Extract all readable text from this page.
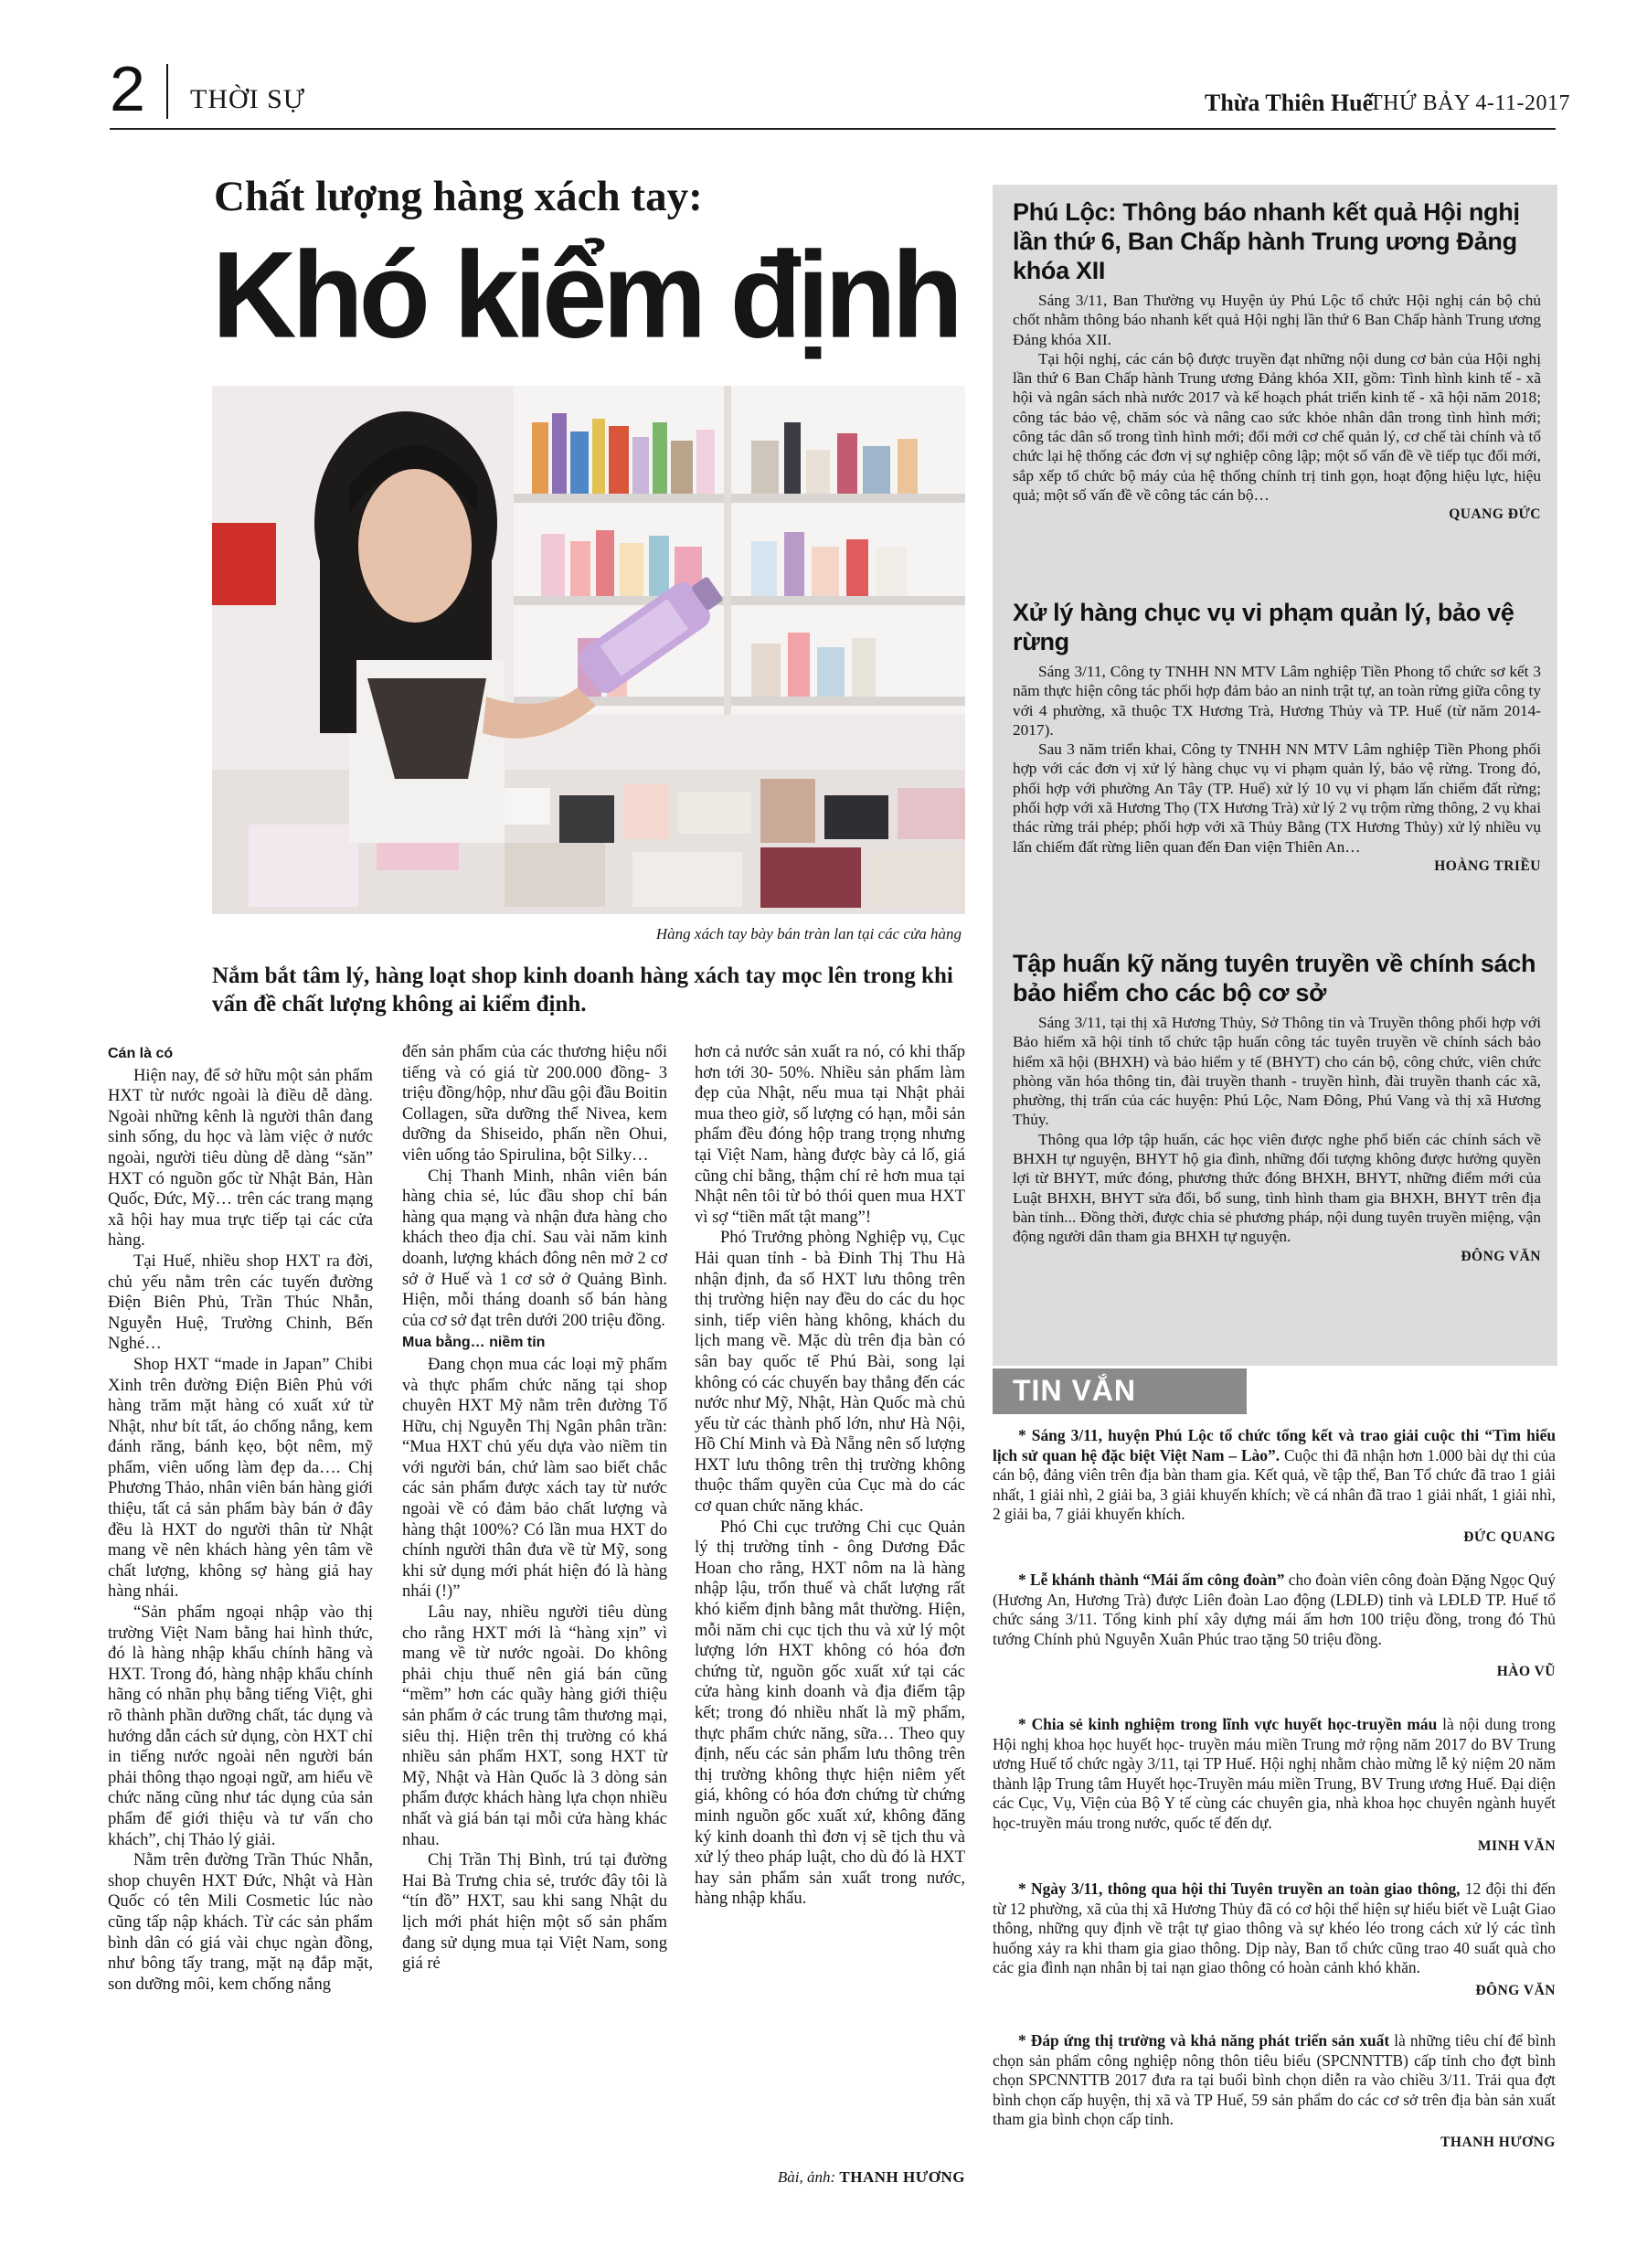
2 THỜI SỰ	Thừa Thiên Huế
THỨ BẢY 4-11-2017
Chất lượng hàng xách tay:
Khó kiểm định
Hàng xách tay bày bán tràn lan tại các cửa hàng
Nắm bắt tâm lý, hàng loạt shop kinh doanh hàng xách tay mọc lên trong khi vấn đề chất lượng không ai kiểm định.

Cán là có

Hiện nay, để sở hữu một sản phẩm HXT từ nước ngoài là điều dễ dàng. Ngoài những kênh là người thân đang sinh sống, du học và làm việc ở nước ngoài, người tiêu dùng dễ dàng “săn” HXT có nguồn gốc từ Nhật Bản, Hàn Quốc, Đức, Mỹ… trên các trang mạng xã hội hay mua trực tiếp tại các cửa hàng.

Tại Huế, nhiều shop HXT ra đời, chủ yếu nằm trên các tuyến đường Điện Biên Phủ, Trần Thúc Nhẫn, Nguyễn Huệ, Trường Chinh, Bến Nghé…

Shop HXT “made in Japan” Chibi Xinh trên đường Điện Biên Phủ với hàng trăm mặt hàng có xuất xứ từ Nhật, như bít tất, áo chống nắng, kem đánh răng, bánh kẹo, bột nêm, mỹ phẩm, viên uống làm đẹp da…. Chị Phương Thảo, nhân viên bán hàng giới thiệu, tất cả sản phẩm bày bán ở đây đều là HXT do người thân từ Nhật mang về nên khách hàng yên tâm về chất lượng, không sợ hàng giả hay hàng nhái.

“Sản phẩm ngoại nhập vào thị trường Việt Nam bằng hai hình thức, đó là hàng nhập khẩu chính hãng và HXT. Trong đó, hàng nhập khẩu chính hãng có nhãn phụ bằng tiếng Việt, ghi rõ thành phần dưỡng chất, tác dụng và hướng dẫn cách sử dụng, còn HXT chỉ in tiếng nước ngoài nên người bán phải thông thạo ngoại ngữ, am hiểu về chức năng cũng như tác dụng của sản phẩm để giới thiệu và tư vấn cho khách”, chị Thảo lý giải.

Nằm trên đường Trần Thúc Nhẫn, shop chuyên HXT Đức, Nhật và Hàn Quốc có tên Mili Cosmetic lúc nào cũng tấp nập khách. Từ các sản phẩm bình dân có giá vài chục ngàn đồng, như bông tẩy trang, mặt nạ đắp mặt, son dưỡng môi, kem chống nắng

đến sản phẩm của các thương hiệu nổi tiếng và có giá từ 200.000 đồng- 3 triệu đồng/hộp, như dầu gội đầu Boitin Collagen, sữa dưỡng thể Nivea, kem dưỡng da Shiseido, phấn nền Ohui, viên uống tảo Spirulina, bột Silky…

Chị Thanh Minh, nhân viên bán hàng chia sẻ, lúc đầu shop chỉ bán hàng qua mạng và nhận đưa hàng cho khách theo địa chỉ. Sau vài năm kinh doanh, lượng khách đông nên mở 2 cơ sở ở Huế và 1 cơ sở ở Quảng Bình. Hiện, mỗi tháng doanh số bán hàng của cơ sở đạt trên dưới 200 triệu đồng.

Mua bằng… niềm tin

Đang chọn mua các loại mỹ phẩm và thực phẩm chức năng tại shop chuyên HXT Mỹ nằm trên đường Tố Hữu, chị Nguyễn Thị Ngân phân trần: “Mua HXT chủ yếu dựa vào niềm tin với người bán, chứ làm sao biết chắc các sản phẩm được xách tay từ nước ngoài về có đảm bảo chất lượng và hàng thật 100%? Có lần mua HXT do chính người thân đưa về từ Mỹ, song khi sử dụng mới phát hiện đó là hàng nhái (!)”

Lâu nay, nhiều người tiêu dùng cho rằng HXT mới là “hàng xịn” vì mang về từ nước ngoài. Do không phải chịu thuế nên giá bán cũng “mềm” hơn các quầy hàng giới thiệu sản phẩm ở các trung tâm thương mại, siêu thị. Hiện trên thị trường có khá nhiều sản phẩm HXT, song HXT từ Mỹ, Nhật và Hàn Quốc là 3 dòng sản phẩm được khách hàng lựa chọn nhiều nhất và giá bán tại mỗi cửa hàng khác nhau.

Chị Trần Thị Bình, trú tại đường Hai Bà Trưng chia sẻ, trước đây tôi là “tín đồ” HXT, sau khi sang Nhật du lịch mới phát hiện một số sản phẩm đang sử dụng mua tại Việt Nam, song giá rẻ

hơn cả nước sản xuất ra nó, có khi thấp hơn tới 30- 50%. Nhiều sản phẩm làm đẹp của Nhật, nếu mua tại Nhật phải mua theo giờ, số lượng có hạn, mỗi sản phẩm đều đóng hộp trang trọng nhưng tại Việt Nam, hàng được bày cả lố, giá cũng chỉ bằng, thậm chí rẻ hơn mua tại Nhật nên tôi từ bỏ thói quen mua HXT vì sợ “tiền mất tật mang”!

Phó Trưởng phòng Nghiệp vụ, Cục Hải quan tỉnh - bà Đinh Thị Thu Hà nhận định, đa số HXT lưu thông trên thị trường hiện nay đều do các du học sinh, tiếp viên hàng không, khách du lịch mang về. Mặc dù trên địa bàn có sân bay quốc tế Phú Bài, song lại không có các chuyến bay thẳng đến các nước như Mỹ, Nhật, Hàn Quốc mà chủ yếu từ các thành phố lớn, như Hà Nội, Hồ Chí Minh và Đà Nẵng nên số lượng HXT lưu thông trên thị trường không thuộc thẩm quyền của Cục mà do các cơ quan chức năng khác.

Phó Chi cục trưởng Chi cục Quản lý thị trường tỉnh - ông Dương Đắc Hoan cho rằng, HXT nôm na là hàng nhập lậu, trốn thuế và chất lượng rất khó kiểm định bằng mắt thường. Hiện, mỗi năm chi cục tịch thu và xử lý một lượng lớn HXT không có hóa đơn chứng từ, nguồn gốc xuất xứ tại các cửa hàng kinh doanh và địa điểm tập kết; trong đó nhiều nhất là mỹ phẩm, thực phẩm chức năng, sữa… Theo quy định, nếu các sản phẩm lưu thông trên thị trường không thực hiện niêm yết giá, không có hóa đơn chứng từ chứng minh nguồn gốc xuất xứ, không đăng ký kinh doanh thì đơn vị sẽ tịch thu và xử lý theo pháp luật, cho dù đó là HXT hay sản phẩm sản xuất trong nước, hàng nhập khẩu.

Bài, ảnh: THANH HƯƠNG
Phú Lộc: Thông báo nhanh kết quả Hội nghị lần thứ 6, Ban Chấp hành Trung ương Đảng khóa XII

Sáng 3/11, Ban Thường vụ Huyện ủy Phú Lộc tổ chức Hội nghị cán bộ chủ chốt nhằm thông báo nhanh kết quả Hội nghị lần thứ 6 Ban Chấp hành Trung ương Đảng khóa XII.

Tại hội nghị, các cán bộ được truyền đạt những nội dung cơ bản của Hội nghị lần thứ 6 Ban Chấp hành Trung ương Đảng khóa XII, gồm: Tình hình kinh tế - xã hội và ngân sách nhà nước 2017 và kế hoạch phát triển kinh tế - xã hội năm 2018; công tác bảo vệ, chăm sóc và nâng cao sức khỏe nhân dân trong tình hình mới; công tác dân số trong tình hình mới; đổi mới cơ chế quản lý, cơ chế tài chính và tổ chức lại hệ thống các đơn vị sự nghiệp công lập; một số vấn đề về tiếp tục đổi mới, sắp xếp tổ chức bộ máy của hệ thống chính trị tinh gọn, hoạt động hiệu lực, hiệu quả; một số vấn đề về công tác cán bộ…

QUANG ĐỨC
Xử lý hàng chục vụ vi phạm quản lý, bảo vệ rừng

Sáng 3/11, Công ty TNHH NN MTV Lâm nghiệp Tiền Phong tổ chức sơ kết 3 năm thực hiện công tác phối hợp đảm bảo an ninh trật tự, an toàn rừng giữa công ty với 4 phường, xã thuộc TX Hương Trà, Hương Thủy và TP. Huế (từ năm 2014-2017).

Sau 3 năm triển khai, Công ty TNHH NN MTV Lâm nghiệp Tiền Phong phối hợp với các đơn vị xử lý hàng chục vụ vi phạm quản lý, bảo vệ rừng. Trong đó, phối hợp với phường An Tây (TP. Huế) xử lý 10 vụ vi phạm lấn chiếm đất rừng; phối hợp với xã Hương Thọ (TX Hương Trà) xử lý 2 vụ trộm rừng thông, 2 vụ khai thác rừng trái phép; phối hợp với xã Thủy Bằng (TX Hương Thủy) xử lý nhiều vụ lấn chiếm đất rừng liên quan đến Đan viện Thiên An…

HOÀNG TRIỀU
Tập huấn kỹ năng tuyên truyền về chính sách bảo hiểm cho các bộ cơ sở

Sáng 3/11, tại thị xã Hương Thủy, Sở Thông tin và Truyền thông phối hợp với Bảo hiểm xã hội tỉnh tổ chức tập huấn công tác tuyên truyền về chính sách bảo hiểm xã hội (BHXH) và bảo hiểm y tế (BHYT) cho cán bộ, công chức, viên chức phòng văn hóa thông tin, đài truyền thanh - truyền hình, đài truyền thanh các xã, phường, thị trấn của các huyện: Phú Lộc, Nam Đông, Phú Vang và thị xã Hương Thủy.

Thông qua lớp tập huấn, các học viên được nghe phổ biến các chính sách về BHXH tự nguyện, BHYT hộ gia đình, những đối tượng không được hưởng quyền lợi từ BHYT, mức đóng, phương thức đóng BHXH, BHYT, những điểm mới của Luật BHXH, BHYT sửa đổi, bổ sung, tình hình tham gia BHXH, BHYT trên địa bàn tỉnh... Đồng thời, được chia sẻ phương pháp, nội dung tuyên truyền miệng, vận động người dân tham gia BHXH tự nguyện.

ĐÔNG VĂN
TIN VẮN

* Sáng 3/11, huyện Phú Lộc tổ chức tổng kết và trao giải cuộc thi “Tìm hiểu lịch sử quan hệ đặc biệt Việt Nam – Lào”. Cuộc thi đã nhận hơn 1.000 bài dự thi của cán bộ, đảng viên trên địa bàn tham gia. Kết quả, về tập thể, Ban Tổ chức đã trao 1 giải nhất, 1 giải nhì, 2 giải ba, 3 giải khuyến khích; về cá nhân đã trao 1 giải nhất, 1 giải nhì, 2 giải ba, 7 giải khuyến khích.

ĐỨC QUANG

* Lễ khánh thành “Mái ấm công đoàn” cho đoàn viên công đoàn Đặng Ngọc Quý (Hương An, Hương Trà) được Liên đoàn Lao động (LĐLĐ) tỉnh và LĐLĐ TP. Huế tổ chức sáng 3/11. Tổng kinh phí xây dựng mái ấm hơn 100 triệu đồng, trong đó Thủ tướng Chính phủ Nguyễn Xuân Phúc trao tặng 50 triệu đồng.

HÀO VŨ

* Chia sẻ kinh nghiệm trong lĩnh vực huyết học-truyền máu là nội dung trong Hội nghị khoa học huyết học- truyền máu miền Trung mở rộng năm 2017 do BV Trung ương Huế tổ chức ngày 3/11, tại TP Huế. Hội nghị nhằm chào mừng lễ kỷ niệm 20 năm thành lập Trung tâm Huyết học-Truyền máu miền Trung, BV Trung ương Huế. Đại diện các Cục, Vụ, Viện của Bộ Y tế cùng các chuyên gia, nhà khoa học chuyên ngành huyết học-truyền máu trong nước, quốc tế đến dự.

MINH VĂN

* Ngày 3/11, thông qua hội thi Tuyên truyền an toàn giao thông, 12 đội thi đến từ 12 phường, xã của thị xã Hương Thủy đã có cơ hội thể hiện sự hiểu biết về Luật Giao thông, những quy định về trật tự giao thông và sự khéo léo trong cách xử lý các tình huống xảy ra khi tham gia giao thông. Dịp này, Ban tổ chức cũng trao 40 suất quà cho các gia đình nạn nhân bị tai nạn giao thông có hoàn cảnh khó khăn.

ĐÔNG VĂN

* Đáp ứng thị trường và khả năng phát triển sản xuất là những tiêu chí để bình chọn sản phẩm công nghiệp nông thôn tiêu biểu (SPCNNTTB) cấp tỉnh cho đợt bình chọn SPCNNTTB 2017 đưa ra tại buổi bình chọn diễn ra vào chiều 3/11. Trải qua đợt bình chọn cấp huyện, thị xã và TP Huế, 59 sản phẩm do các cơ sở trên địa bàn sản xuất tham gia bình chọn cấp tỉnh.

THANH HƯƠNG
